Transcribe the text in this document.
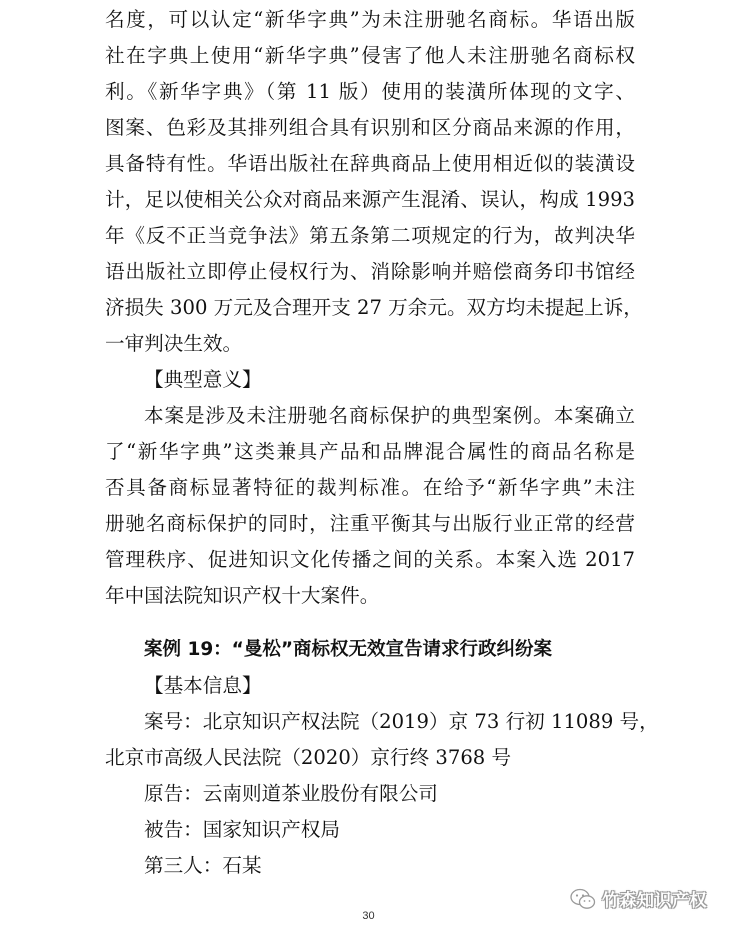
名度，可以认定“新华字典”为未注册驰名商标。华语出版
社在字典上使用“新华字典”侵害了他人未注册驰名商标权
利。《新华字典》（第 11 版）使用的装潢所体现的文字、
图案、色彩及其排列组合具有识别和区分商品来源的作用，
具备特有性。华语出版社在辞典商品上使用相近似的装潢设
计，足以使相关公众对商品来源产生混淆、误认，构成 1993
年《反不正当竞争法》第五条第二项规定的行为，故判决华
语出版社立即停止侵权行为、消除影响并赔偿商务印书馆经
济损失 300 万元及合理开支 27 万余元。双方均未提起上诉，
一审判决生效。
【典型意义】
本案是涉及未注册驰名商标保护的典型案例。本案确立
了“新华字典”这类兼具产品和品牌混合属性的商品名称是
否具备商标显著特征的裁判标准。在给予“新华字典”未注
册驰名商标保护的同时，注重平衡其与出版行业正常的经营
管理秩序、促进知识文化传播之间的关系。本案入选 2017
年中国法院知识产权十大案件。
案例 19：“曼松”商标权无效宣告请求行政纠纷案
【基本信息】
案号：北京知识产权法院（2019）京 73 行初 11089 号，
北京市高级人民法院（2020）京行终 3768 号
原告：云南则道茶业股份有限公司
被告：国家知识产权局
第三人：石某
竹森知识产权
30
